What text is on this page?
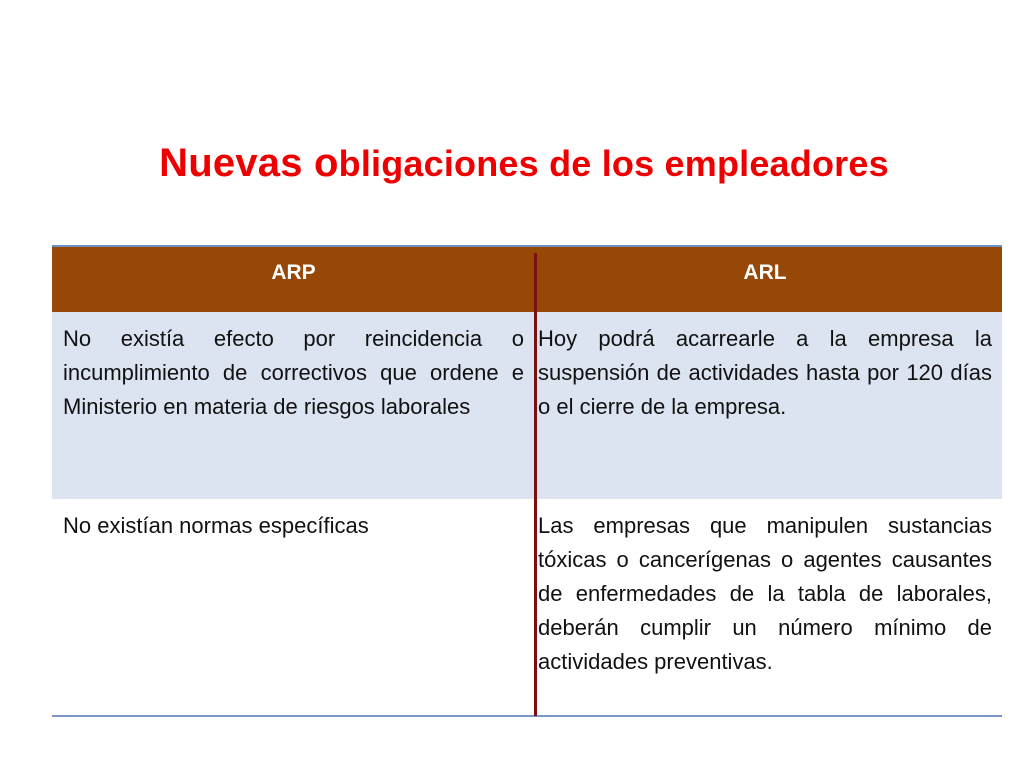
Nuevas obligaciones de los empleadores
ARP	ARL
No existía efecto por reincidencia o incumplimiento de correctivos que ordene e Ministerio en materia de riesgos laborales
Hoy podrá acarrearle a la empresa la suspensión de actividades hasta por 120 días o el cierre de la empresa.
No existían normas específicas	Las empresas que manipulen sustancias tóxicas o cancerígenas o agentes causantes de enfermedades de la tabla de laborales, deberán cumplir un número mínimo de actividades preventivas.
